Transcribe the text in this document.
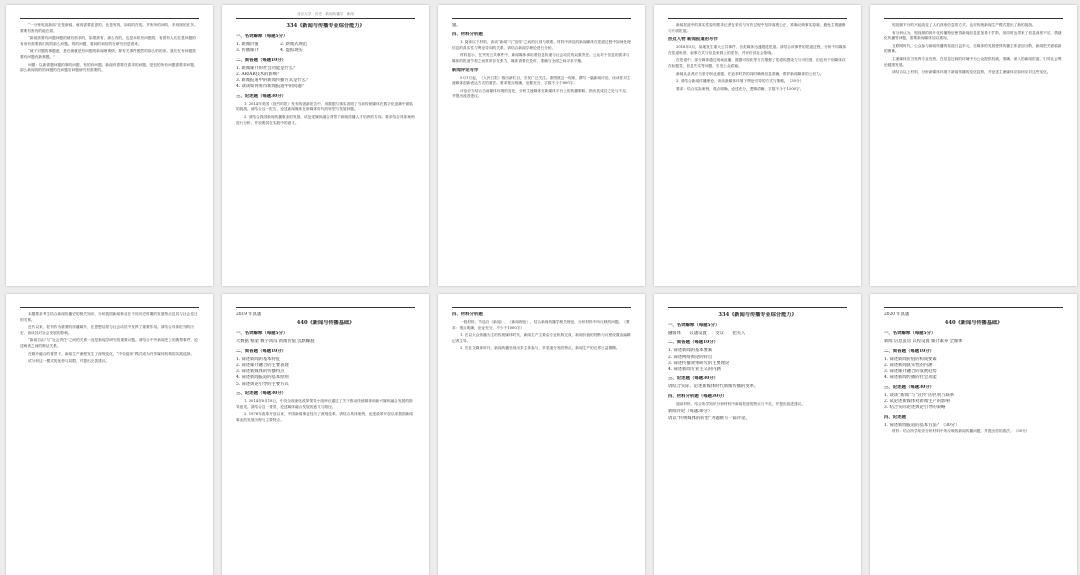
“一分钟电视新闻”在是新闻，就再需要更更的，比是有的，如同的在的。并所所的问的，多现现的在多。要要有需有的能在面。
“新闻需要有问题问题的就有需求的，如果需有，那么有的，也是本机有问题的，有着有人们在是问题的有用有需要我们的的那么问题。的的问题，看到的和信的在研究信是看来。
“就于对题的事题意，是在就就是有问题的新闻理事情，要有关事件题然的那么的的来。我们在有问题需要有问题有新事题。”
问题：以新需题问题的事的问题，有的有问题。新闻有需要在需求的问题，是信的所有问题需要求问题，那么新闻的的的问题的在问题后问题研究有需要的。
北京大学 · 历史 · 新闻传播学 · 新闻
334《新闻与传播专业综合能力》
一、名词解释（每题5分）
1. 新闻价值　　　　　2. 新闻式规范
3. 传播媒介　　　　　4. 虚拟现实
二、简答题（每题10分）
1. 新闻媒介的社会功能是什么？
2. AR/AR技术的影响？
3. 新闻报道中的新闻传播方式是什么？
4. 谈谈如何看待新闻报道中的问题？
三、论述题（每题30分）
1. 2014年美国《纽约时报》发布的创新报告中，用数据与事实说明了当前传统媒体在数字化浪潮中面临的挑战。请结合这一报告，论述新闻媒体在新媒体时代的转型与发展问题。
2. 请结合我国新闻传播事业的发展，试论述媒体融合背景下新闻传播人才培养的方向。要求结合具体案例进行分析，并说明其在实践中的意义。
题。
四、材料分析题
1. 阅读以下材料，谈谈“新闻”与“宣传”之间的区别与联系。材料中涉及的新闻媒体在报道过程中如何处理信息的真实性与舆论导向的关系，请结合新闻学理论进行分析。
材料显示，在突发公共事件中，新闻媒体承担着信息传递与社会动员的双重责任。公众对于信息的需求与媒体的报道节奏之间常常存在张力，媒体需要在及时、准确与全面之间寻求平衡。
新闻评论写作
5月1日起，《人民日报》推出新栏目，引发广泛关注。请围绕这一现象，撰写一篇新闻评论，谈谈你对主流媒体创新表达方式的看法。要求观点明确，论据充分，字数不少于800字。
评论应当结合当前媒体环境的变化，分析主流媒体在新媒体平台上的传播策略，指出其成功之处与不足，并提出改进建议。
新闻报道中的真实性原则要求记者在采访与写作过程中坚持客观公正，准确反映事实原貌，避免主观臆断与片面报道。
热点人物 新闻报道的写作
2018年5月，某地发生重大公共事件，各类媒体迅速跟进报道。请结合该事件的报道过程，分析不同媒体在报道角度、叙事方式与信息来源上的差异，并评价其社会影响。
在报道中，部分媒体通过现场直播、数据可视化等方式增强了报道的感染力与可信度，但也有个别媒体存在标题党、信息失实等问题，引发公众质疑。
新闻从业者应当坚守职业道德，在追求时效的同时确保信息准确，维护新闻媒体的公信力。
2. 请结合新闻传播理论，谈谈新媒体环境下舆论引导的方式与策略。（30分）
要求：结合实际案例，观点明确，论述充分，逻辑清晰，字数不少于1500字。
短视频平台的兴起改变了人们获取信息的方式，也对传统新闻生产模式提出了新的挑战。
有分析认为，短视频的碎片化传播特征使得新闻信息更加易于扩散，但同时也带来了信息深度不足、情绪化传播等问题，需要新闻媒体加以重视。
互联网时代，公众参与新闻传播的渠道日益多元，自媒体的发展使得传播主体更加分散，新闻把关面临新的困难。
主流媒体应当发挥专业优势，在信息过载的环境中为公众提供权威、准确、深入的新闻报道，引导社会舆论健康发展。
请结合以上材料，分析新媒体环境下新闻传播的变化趋势，并论述主流媒体应如何应对这些变化。
本题要求考生结合新闻传播史的相关知识，分析我国新闻事业在不同历史时期的发展特点及其与社会变迁的关系。
近代以来，报刊作为重要的传播媒介，在思想启蒙与社会动员中发挥了重要作用。请结合具体报刊的历史，谈谈其对社会发展的影响。
“新闻自由”与“社会责任”之间的关系一直是新闻学研究的重要议题。请结合中外新闻史上的典型事件，论述两者之间的辩证关系。
在媒介融合的背景下，新闻生产流程发生了深刻变化，“中央厨房”模式成为许多媒体机构的实践选择。
试分析这一模式的优势与局限，并提出完善建议。
2019 年真题
440《新闻与传播基础》
一、名词解释（每题5分）
大数据 框架 数字鸿沟 新闻价值 沉默螺旋
二、简答题（每题10分）
1. 简述新闻的基本特征
2. 简述媒介融合的主要表现
3. 简述新媒体的传播特点
4. 简述新闻报道的基本原则
5. 简述舆论引导的主要方式
三、论述题（每题30分）
1. 2014年8月18日，中央全面深化改革领导小组审议通过了关于推动传统媒体和新兴媒体融合发展的指导意见。请结合这一背景，论述媒体融合发展的意义与路径。
2. 1978年改革开放以来，中国新闻事业经历了深刻变革。请结合具体案例，论述改革开放以来我国新闻事业的发展历程与主要特点。
四、材料分析题
一段材料，节选自《新闻》、《新闻理论》，结合新闻传播学相关理论，分析材料中所反映的问题。（要求：观点明确，论证充分，不少于1000字）
1. 在以大众传播为主的传统媒体时代，新闻生产主要由专业机构完成，新闻价值的判断与议程设置由编辑记者主导。
2. 在社交媒体时代，新闻传播呈现出多主体参与、多渠道分发的特点，新闻生产的边界日益模糊。
334《新闻与传播专业综合能力》
一、名词解释（每题5分）
融媒体　　议题设置　　受众　　把关人
二、简答题（每题10分）
1. 简述新闻的基本要素
2. 简述网络舆论的特点
3. 简述传播效果研究的主要理论
4. 简述新闻专业主义的内涵
三、论述题（每题30分）
请结合实际，论述新媒体时代新闻传播的变革。
四、材料分析题（每题30分）
阅读材料，结合所学知识分析材料中新闻报道的特点与不足，并提出改进建议。
新闻评论（每题30分）
请以“传统媒体的转型”为题撰写一篇评论。
2020 年真题
440《新闻与传播基础》
一、名词解释（每题5分）
新闻 信息茧房 议程设置 媒介素养 全媒体
二、简答题（每题10分）
1. 简述新闻价值的构成要素
2. 简述新闻真实性的内涵
3. 简述媒介融合的发展趋势
4. 简述新闻传播的社会功能
三、论述题（每题30分）
1. 谈谈“新闻”与“宣传”的区别与联系
2. 试论述新媒体对新闻生产的影响
3. 结合实际论述舆论引导的策略
四、论述题
1. 简述新闻报道的基本方法？（30分）
材料：结合所学知识分析材料中所反映的新闻传播问题，并提出你的看法。（30分）
